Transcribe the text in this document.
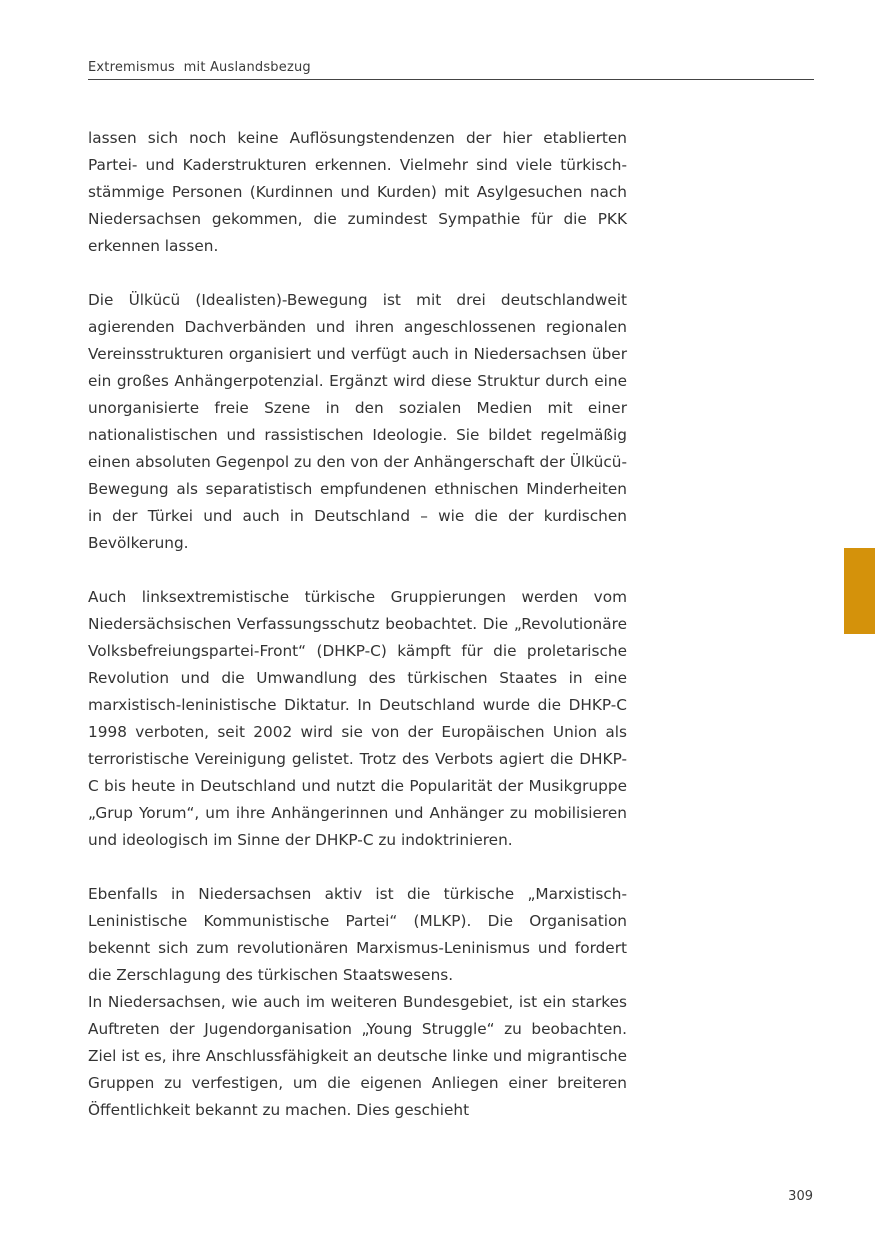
Extremismus  mit Auslandsbezug

lassen sich noch keine Auflösungstendenzen der hier etablierten Partei- und Kaderstrukturen erkennen. Vielmehr sind viele türkischstämmige Personen (Kurdinnen und Kurden) mit Asylgesuchen nach Niedersachsen gekommen, die zumindest Sympathie für die PKK erkennen lassen.

Die Ülkücü (Idealisten)-Bewegung ist mit drei deutschlandweit agierenden Dachverbänden und ihren angeschlossenen regionalen Vereinsstrukturen organisiert und verfügt auch in Niedersachsen über ein großes Anhängerpotenzial. Ergänzt wird diese Struktur durch eine unorganisierte freie Szene in den sozialen Medien mit einer nationalistischen und rassistischen Ideologie. Sie bildet regelmäßig einen absoluten Gegenpol zu den von der Anhängerschaft der Ülkücü-Bewegung als separatistisch empfundenen ethnischen Minderheiten in der Türkei und auch in Deutschland – wie die der kurdischen Bevölkerung.

Auch linksextremistische türkische Gruppierungen werden vom Niedersächsischen Verfassungsschutz beobachtet. Die „Revolutionäre Volksbefreiungspartei-Front“ (DHKP-C) kämpft für die proletarische Revolution und die Umwandlung des türkischen Staates in eine marxistisch-leninistische Diktatur. In Deutschland wurde die DHKP-C 1998 verboten, seit 2002 wird sie von der Europäischen Union als terroristische Vereinigung gelistet. Trotz des Verbots agiert die DHKP-C bis heute in Deutschland und nutzt die Popularität der Musikgruppe „Grup Yorum“, um ihre Anhängerinnen und Anhänger zu mobilisieren und ideologisch im Sinne der DHKP-C zu indoktrinieren.

Ebenfalls in Niedersachsen aktiv ist die türkische „Marxistisch-Leninistische Kommunistische Partei“ (MLKP). Die Organisation bekennt sich zum revolutionären Marxismus-Leninismus und fordert die Zerschlagung des türkischen Staatswesens.

In Niedersachsen, wie auch im weiteren Bundesgebiet, ist ein starkes Auftreten der Jugendorganisation „Young Struggle“ zu beobachten. Ziel ist es, ihre Anschlussfähigkeit an deutsche linke und migrantische Gruppen zu verfestigen, um die eigenen Anliegen einer breiteren Öffentlichkeit bekannt zu machen. Dies geschieht

309
